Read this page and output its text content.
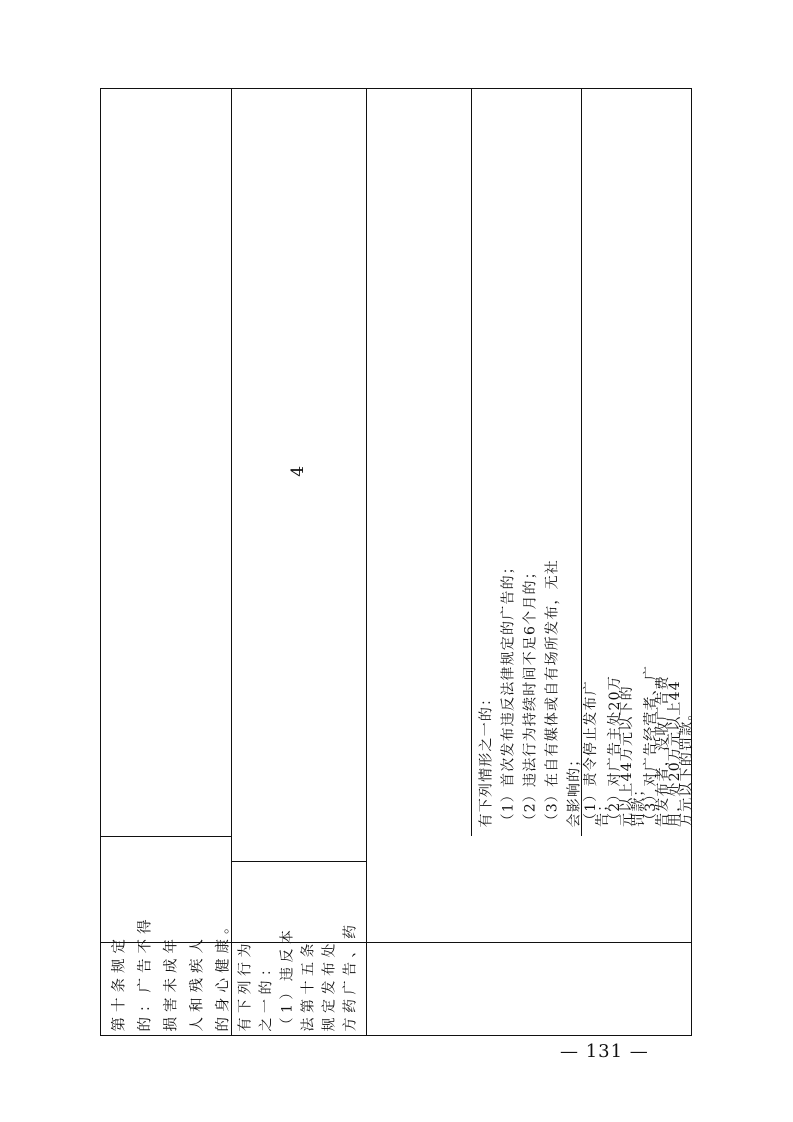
第十条规定 的：广告不得 损害未成年 人和残疾人 的身心健康。

4

有下列行为 之一的： （1）违反本 法第十五条 规定发布处 方药广告、药

有下列情形之一的： （1）首次发布违反法律规定的广告的； （2）违法行为持续时间不足6个月的； （3）在自有媒体或自有场所发布，无社 会影响的； （1）责令停止发布广

告；

（2）对广告主处20万

元以上44万元以下的

罚款；

（3）对广告经营者、广

告发布者，没收广告费

用，处20万元以上44

万元以下的罚款。

— 131 —
